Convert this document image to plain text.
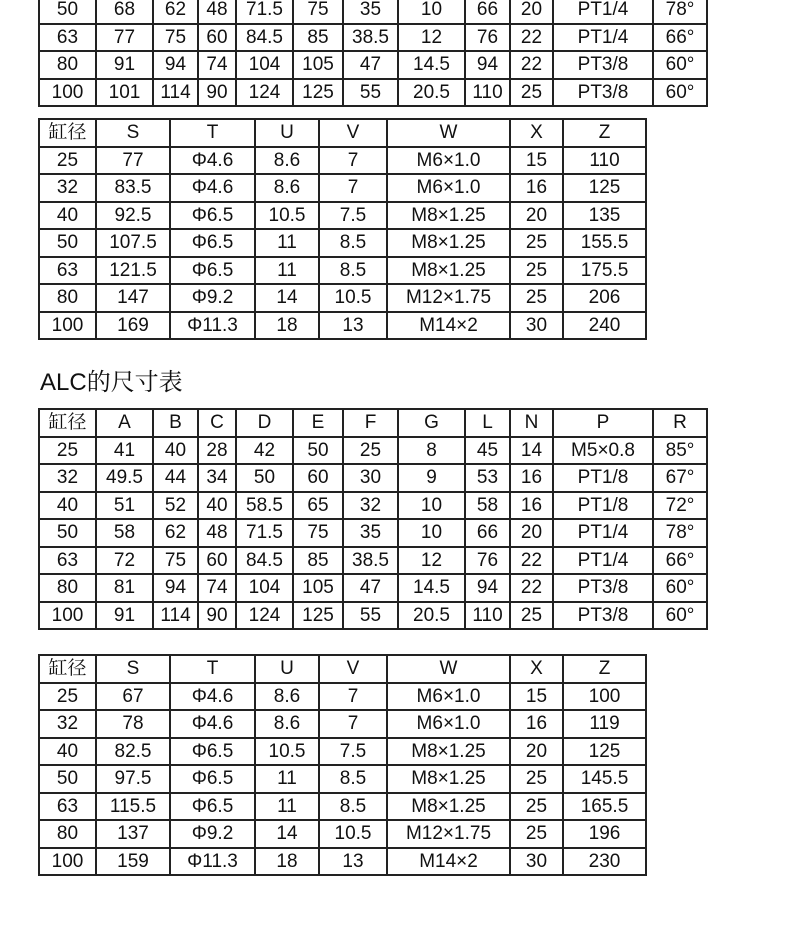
50	68	62	48	71.5	75	35	10	66	20	PT1/4	78°
63	77	75	60	84.5	85	38.5	12	76	22	PT1/4	66°
80	91	94	74	104	105	47	14.5	94	22	PT3/8	60°
100	101	114	90	124	125	55	20.5	110	25	PT3/8	60°
缸径	S	T	U	V	W	X	Z
25	77	Φ4.6	8.6	7	M6×1.0	15	110
32	83.5	Φ4.6	8.6	7	M6×1.0	16	125
40	92.5	Φ6.5	10.5	7.5	M8×1.25	20	135
50	107.5	Φ6.5	11	8.5	M8×1.25	25	155.5
63	121.5	Φ6.5	11	8.5	M8×1.25	25	175.5
80	147	Φ9.2	14	10.5	M12×1.75	25	206
100	169	Φ11.3	18	13	M14×2	30	240
ALC的尺寸表
缸径	A	B	C	D	E	F	G	L	N	P	R
25	41	40	28	42	50	25	8	45	14	M5×0.8	85°
32	49.5	44	34	50	60	30	9	53	16	PT1/8	67°
40	51	52	40	58.5	65	32	10	58	16	PT1/8	72°
50	58	62	48	71.5	75	35	10	66	20	PT1/4	78°
63	72	75	60	84.5	85	38.5	12	76	22	PT1/4	66°
80	81	94	74	104	105	47	14.5	94	22	PT3/8	60°
100	91	114	90	124	125	55	20.5	110	25	PT3/8	60°
缸径	S	T	U	V	W	X	Z
25	67	Φ4.6	8.6	7	M6×1.0	15	100
32	78	Φ4.6	8.6	7	M6×1.0	16	119
40	82.5	Φ6.5	10.5	7.5	M8×1.25	20	125
50	97.5	Φ6.5	11	8.5	M8×1.25	25	145.5
63	115.5	Φ6.5	11	8.5	M8×1.25	25	165.5
80	137	Φ9.2	14	10.5	M12×1.75	25	196
100	159	Φ11.3	18	13	M14×2	30	230
